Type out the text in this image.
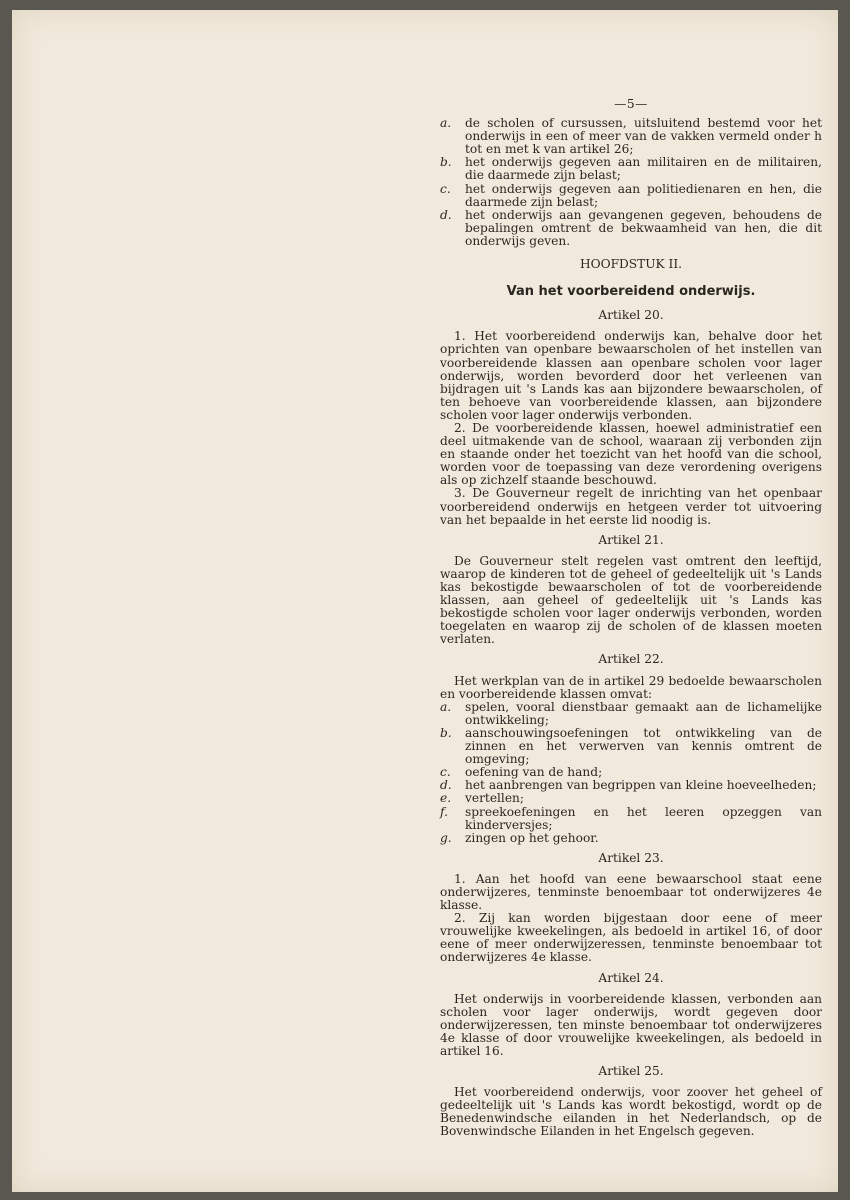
—5—
a.	de scholen of cursussen, uitsluitend bestemd voor het onderwijs in een of meer van de vakken vermeld onder h tot en met k van artikel 26;
b.	het onderwijs gegeven aan militairen en de militairen, die daarmede zijn belast;
c.	het onderwijs gegeven aan politiedienaren en hen, die daarmede zijn belast;
d.	het onderwijs aan gevangenen gegeven, behoudens de bepalingen omtrent de bekwaamheid van hen, die dit onderwijs geven.
HOOFDSTUK II.
Van het voorbereidend onderwijs.
Artikel 20.

1. Het voorbereidend onderwijs kan, behalve door het oprichten van openbare bewaarscholen of het instellen van voorbereidende klassen aan openbare scholen voor lager onderwijs, worden bevorderd door het verleenen van bijdragen uit 's Lands kas aan bijzondere bewaarscholen, of ten behoeve van voorbereidende klassen, aan bijzondere scholen voor lager onderwijs verbonden.

2. De voorbereidende klassen, hoewel administratief een deel uitmakende van de school, waaraan zij verbonden zijn en staande onder het toezicht van het hoofd van die school, worden voor de toepassing van deze verordening overigens als op zichzelf staande beschouwd.

3. De Gouverneur regelt de inrichting van het openbaar voorbereidend onderwijs en hetgeen verder tot uitvoering van het bepaalde in het eerste lid noodig is.

Artikel 21.

De Gouverneur stelt regelen vast omtrent den leeftijd, waarop de kinderen tot de geheel of gedeeltelijk uit 's Lands kas bekostigde bewaarscholen of tot de voorbereidende klassen, aan geheel of gedeeltelijk uit 's Lands kas bekostigde scholen voor lager onderwijs verbonden, worden toegelaten en waarop zij de scholen of de klassen moeten verlaten.

Artikel 22.

Het werkplan van de in artikel 29 bedoelde bewaarscholen en voorbereidende klassen omvat:

a.	spelen, vooral dienstbaar gemaakt aan de lichamelijke ontwikkeling;
b.	aanschouwingsoefeningen tot ontwikkeling van de zinnen en het verwerven van kennis omtrent de omgeving;
c.	oefening van de hand;
d.	het aanbrengen van begrippen van kleine hoeveelheden;
e.	vertellen;
f.	spreekoefeningen en het leeren opzeggen van kinderversjes;
g.	zingen op het gehoor.
Artikel 23.

1. Aan het hoofd van eene bewaarschool staat eene onderwijzeres, tenminste benoembaar tot onderwijzeres 4e klasse.

2. Zij kan worden bijgestaan door eene of meer vrouwelijke kweekelingen, als bedoeld in artikel 16, of door eene of meer onderwijzeressen, tenminste benoembaar tot onderwijzeres 4e klasse.

Artikel 24.

Het onderwijs in voorbereidende klassen, verbonden aan scholen voor lager onderwijs, wordt gegeven door onderwijzeressen, ten minste benoembaar tot onderwijzeres 4e klasse of door vrouwelijke kweekelingen, als bedoeld in artikel 16.

Artikel 25.

Het voorbereidend onderwijs, voor zoover het geheel of gedeeltelijk uit 's Lands kas wordt bekostigd, wordt op de Benedenwindsche eilanden in het Nederlandsch, op de Bovenwindsche Eilanden in het Engelsch gegeven.
